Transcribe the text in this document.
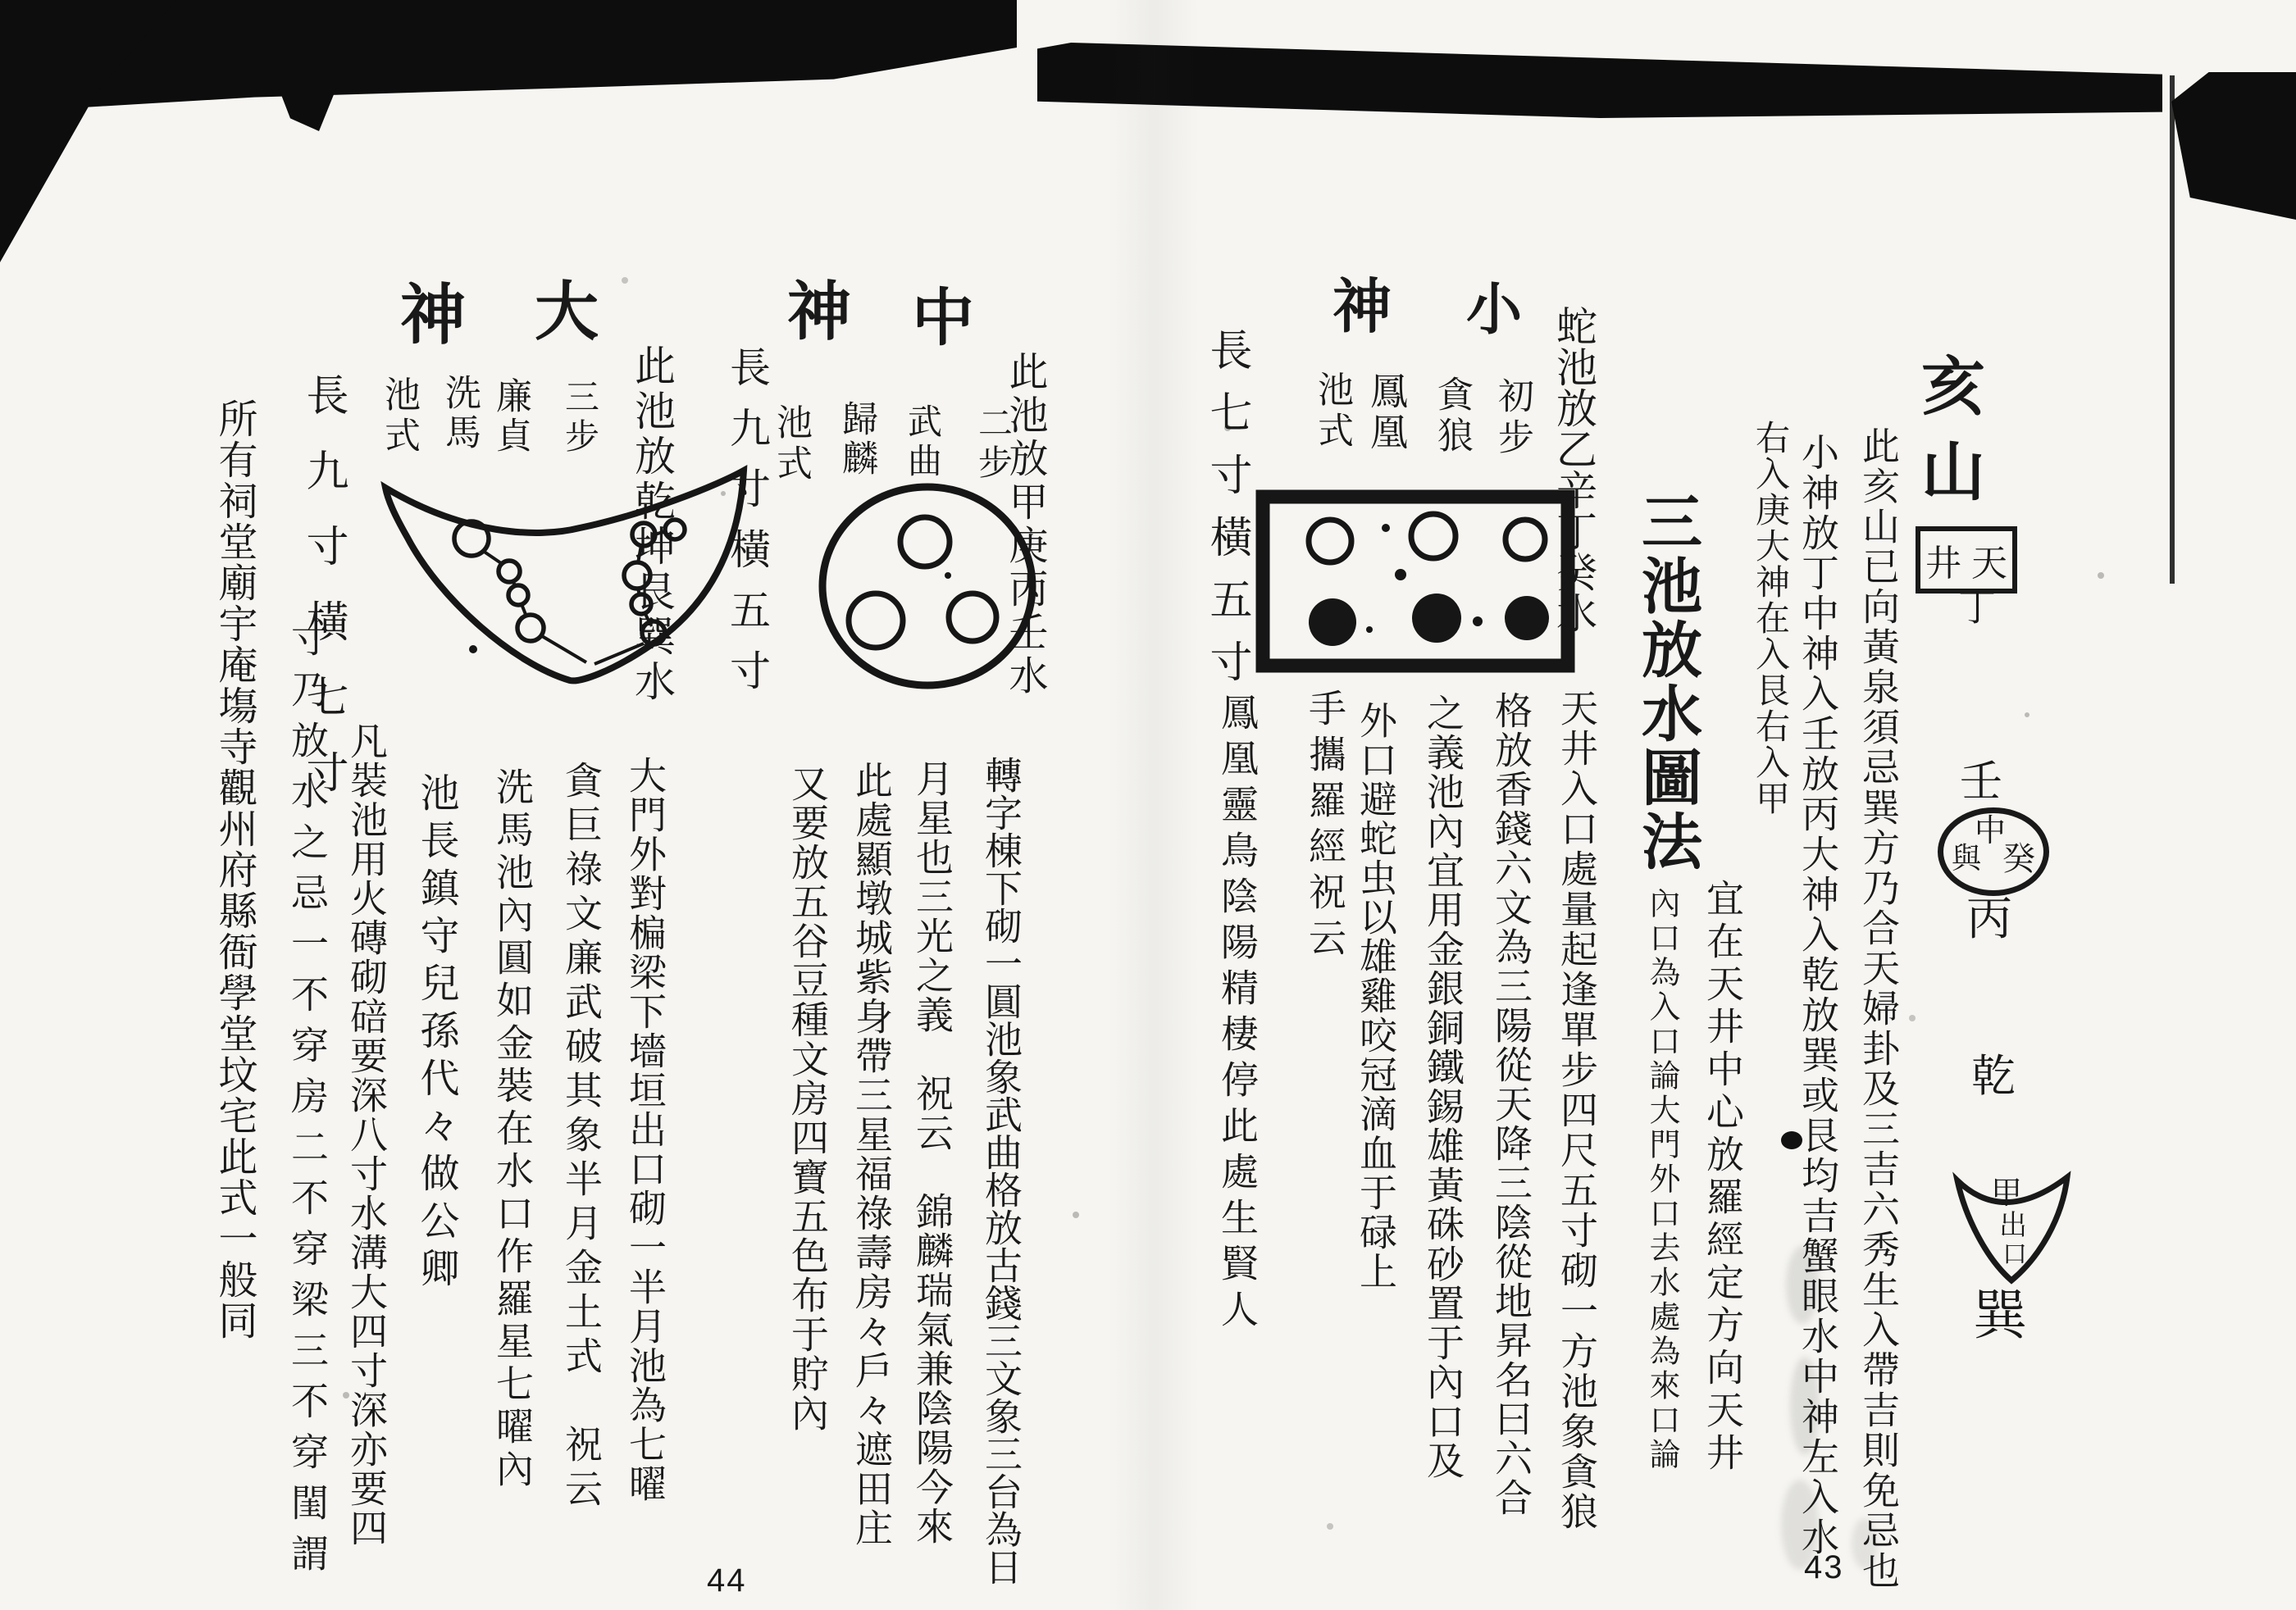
亥山
天
井
丁
此亥山已向黃泉須忌巽方乃合天婦卦及三吉六秀生入帶吉則免忌也
小神放丁中神入壬放丙大神入乾放巽或艮均吉蟹眼水中神左入水
右入庚大神在入艮右入甲	壬
中
癸
與
丙
乾
甲
出
口
巽
蛇池放乙辛丁癸水
三池放水圖法
宜在天井中心放羅經定方向天井
內口為入口論大門外口去水處為來口論
小
神
初步
貪狼
鳳凰
池式
長七寸橫五寸
天井入口處量起逢單步四尺五寸砌一方池象貪狼
格放香錢六文為三陽從天降三陰從地昇名曰六合
之義池內宜用金銀銅鐵錫雄黃硃砂置于內口及
外口避蛇虫以雄雞咬冠滴血于碌上
手攜羅經祝云
鳳凰靈鳥陰陽精棲停此處生賢人
43
中
神
此池放甲庚丙壬水
二步
武曲
歸麟
池式
長九寸橫五寸
轉字棟下砌一圓池象武曲格放古錢三文象三台為日
月星也三光之義　祝云　錦麟瑞氣兼陰陽今來
此處顯墩城紫身帶三星福祿壽房々戶々遮田庄
又要放五谷豆種文房四寶五色布于貯內
大
神
此池放乾坤艮巽水
三步
廉貞
洗馬
池式
長九寸橫七寸
大門外對楄梁下墻垣出口砌一半月池為七曜
貪巨祿文廉武破其象半月金土式　祝云
洗馬池內圓如金裝在水口作羅星七曜內
池長鎮守兒孫代々做公卿
凡裝池用火磚砌碚要深八寸水溝大四寸深亦要四
寸乃放水之忌一不穿房二不穿梁三不穿閨謂
所有祠堂廟宇庵塲寺觀州府縣衙學堂坟宅此式一般同
44
